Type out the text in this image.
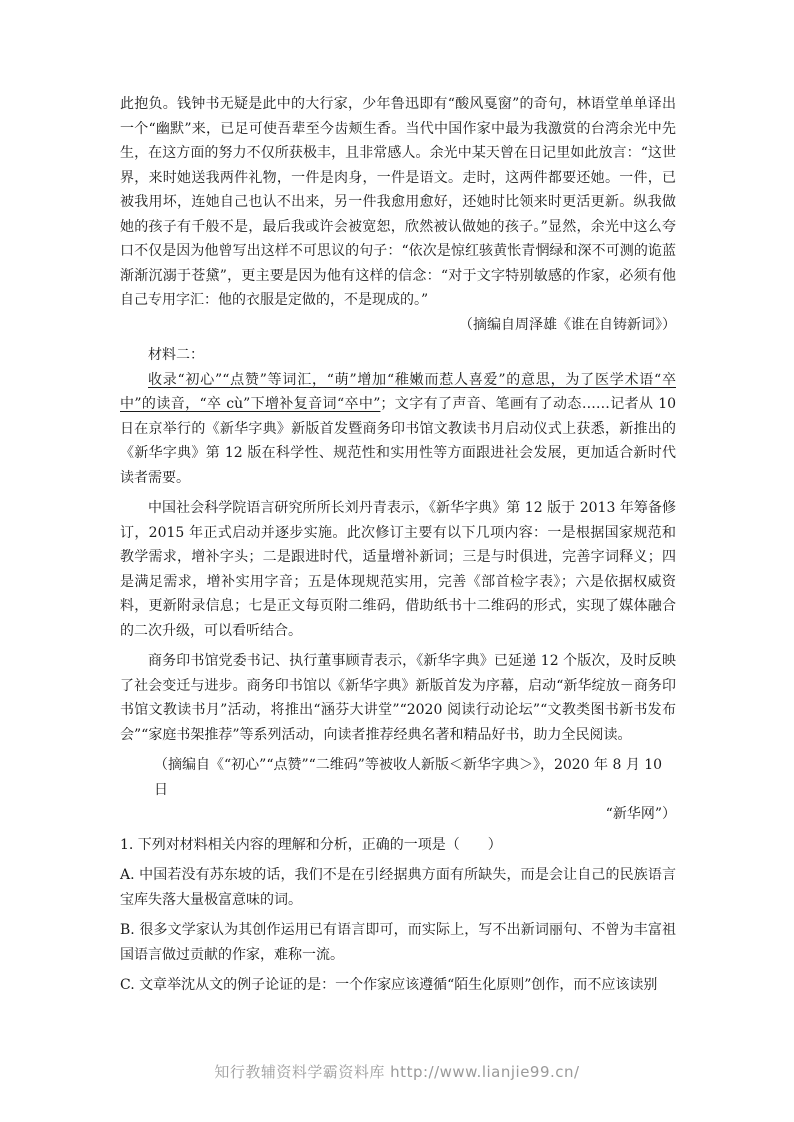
此抱负。钱钟书无疑是此中的大行家，少年鲁迅即有“酸风戛窗”的奇句，林语堂单单译出一个“幽默”来，已足可使吾辈至今齿颊生香。当代中国作家中最为我激赏的台湾余光中先生，在这方面的努力不仅所获极丰，且非常感人。余光中某天曾在日记里如此放言：“这世界，来时她送我两件礼物，一件是肉身，一件是语文。走时，这两件都要还她。一件，已被我用坏，连她自己也认不出来，另一件我愈用愈好，还她时比领来时更活更新。纵我做她的孩子有千般不是，最后我或许会被宽恕，欣然被认做她的孩子。”显然，余光中这么夸口不仅是因为他曾写出这样不可思议的句子：“依次是惊红骇黄怅青惘绿和深不可测的诡蓝渐渐沉溺于苍黛”，更主要是因为他有这样的信念：“对于文字特别敏感的作家，必须有他自己专用字汇：他的衣服是定做的，不是现成的。”

（摘编自周泽雄《谁在自铸新词》）

材料二：

收录“初心”“点赞”等词汇，“萌”增加“稚嫩而惹人喜爱”的意思，为了医学术语“卒中”的读音，“卒 cù”下增补复音词“卒中”；文字有了声音、笔画有了动态……记者从 10 日在京举行的《新华字典》新版首发暨商务印书馆文教读书月启动仪式上获悉，新推出的《新华字典》第 12 版在科学性、规范性和实用性等方面跟进社会发展，更加适合新时代读者需要。

中国社会科学院语言研究所所长刘丹青表示，《新华字典》第 12 版于 2013 年筹备修订，2015 年正式启动并逐步实施。此次修订主要有以下几项内容：一是根据国家规范和教学需求，增补字头；二是跟进时代，适量增补新词；三是与时俱进，完善字词释义；四是满足需求，增补实用字音；五是体现规范实用，完善《部首检字表》；六是依据权威资料，更新附录信息；七是正文每页附二维码，借助纸书十二维码的形式，实现了媒体融合的二次升级，可以看听结合。

商务印书馆党委书记、执行董事顾青表示，《新华字典》已延递 12 个版次，及时反映了社会变迁与进步。商务印书馆以《新华字典》新版首发为序幕，启动“新华绽放－商务印书馆文教读书月”活动，将推出“涵芬大讲堂”“2020 阅读行动论坛”“文教类图书新书发布会”“家庭书架推荐”等系列活动，向读者推荐经典名著和精品好书，助力全民阅读。

（摘编自《“初心”“点赞”“二维码”等被收人新版＜新华字典＞》，2020 年 8 月 10 日
“新华网”）

1. 下列对材料相关内容的理解和分析，正确的一项是（　　）

A. 中国若没有苏东坡的话，我们不是在引经据典方面有所缺失，而是会让自己的民族语言宝库失落大量极富意味的词。

B. 很多文学家认为其创作运用已有语言即可，而实际上，写不出新词丽句、不曾为丰富祖国语言做过贡献的作家，难称一流。

C. 文章举沈从文的例子论证的是：一个作家应该遵循“陌生化原则”创作，而不应该读别

知行教辅资料学霸资料库 http://www.lianjie99.cn/
